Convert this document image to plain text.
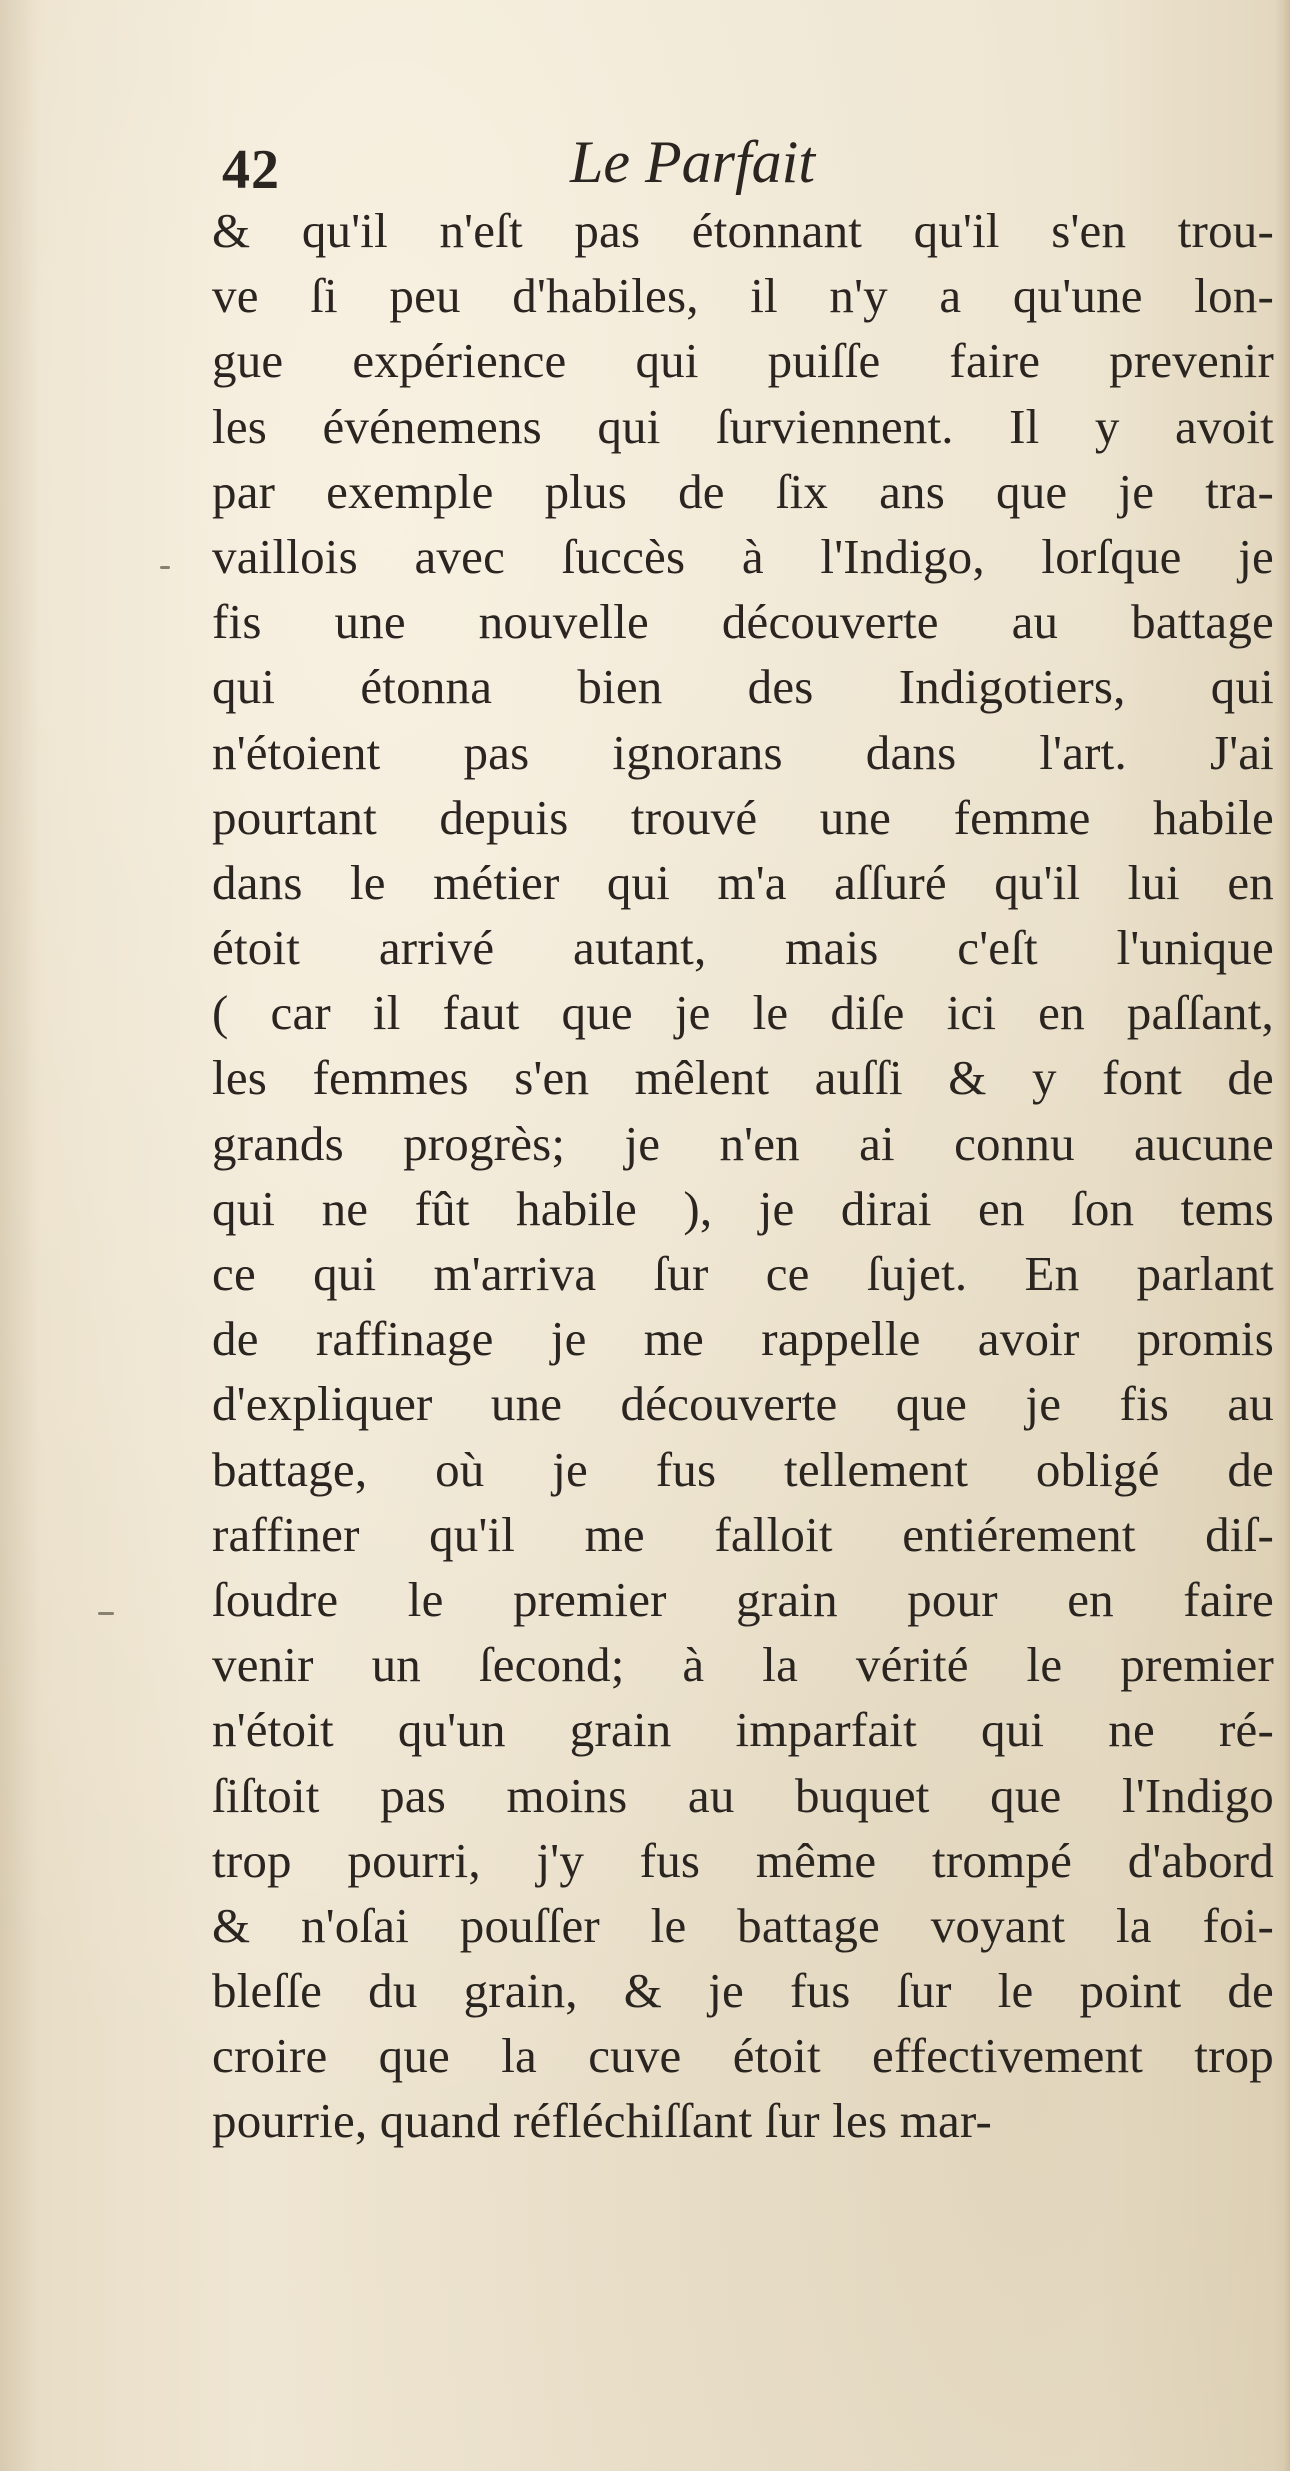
42	Le Parfait
& qu'il n'eſt pas étonnant qu'il s'en trou-
ve ſi peu d'habiles, il n'y a qu'une lon-
gue expérience qui puiſſe faire prevenir
les événemens qui ſurviennent. Il y avoit
par exemple plus de ſix ans que je tra-
vaillois avec ſuccès à l'Indigo, lorſque je
fis une nouvelle découverte au battage
qui étonna bien des Indigotiers, qui
n'étoient pas ignorans dans l'art. J'ai
pourtant depuis trouvé une femme habile
dans le métier qui m'a aſſuré qu'il lui en
étoit arrivé autant, mais c'eſt l'unique
( car il faut que je le diſe ici en paſſant,
les femmes s'en mêlent auſſi & y font de
grands progrès; je n'en ai connu aucune
qui ne fût habile ), je dirai en ſon tems
ce qui m'arriva ſur ce ſujet. En parlant
de raffinage je me rappelle avoir promis
d'expliquer une découverte que je fis au
battage, où je fus tellement obligé de
raffiner qu'il me falloit entiérement diſ-
ſoudre le premier grain pour en faire
venir un ſecond; à la vérité le premier
n'étoit qu'un grain imparfait qui ne ré-
ſiſtoit pas moins au buquet que l'Indigo
trop pourri, j'y fus même trompé d'abord
& n'oſai pouſſer le battage voyant la foi-
bleſſe du grain, & je fus ſur le point de
croire que la cuve étoit effectivement trop
pourrie, quand réfléchiſſant ſur les mar-
